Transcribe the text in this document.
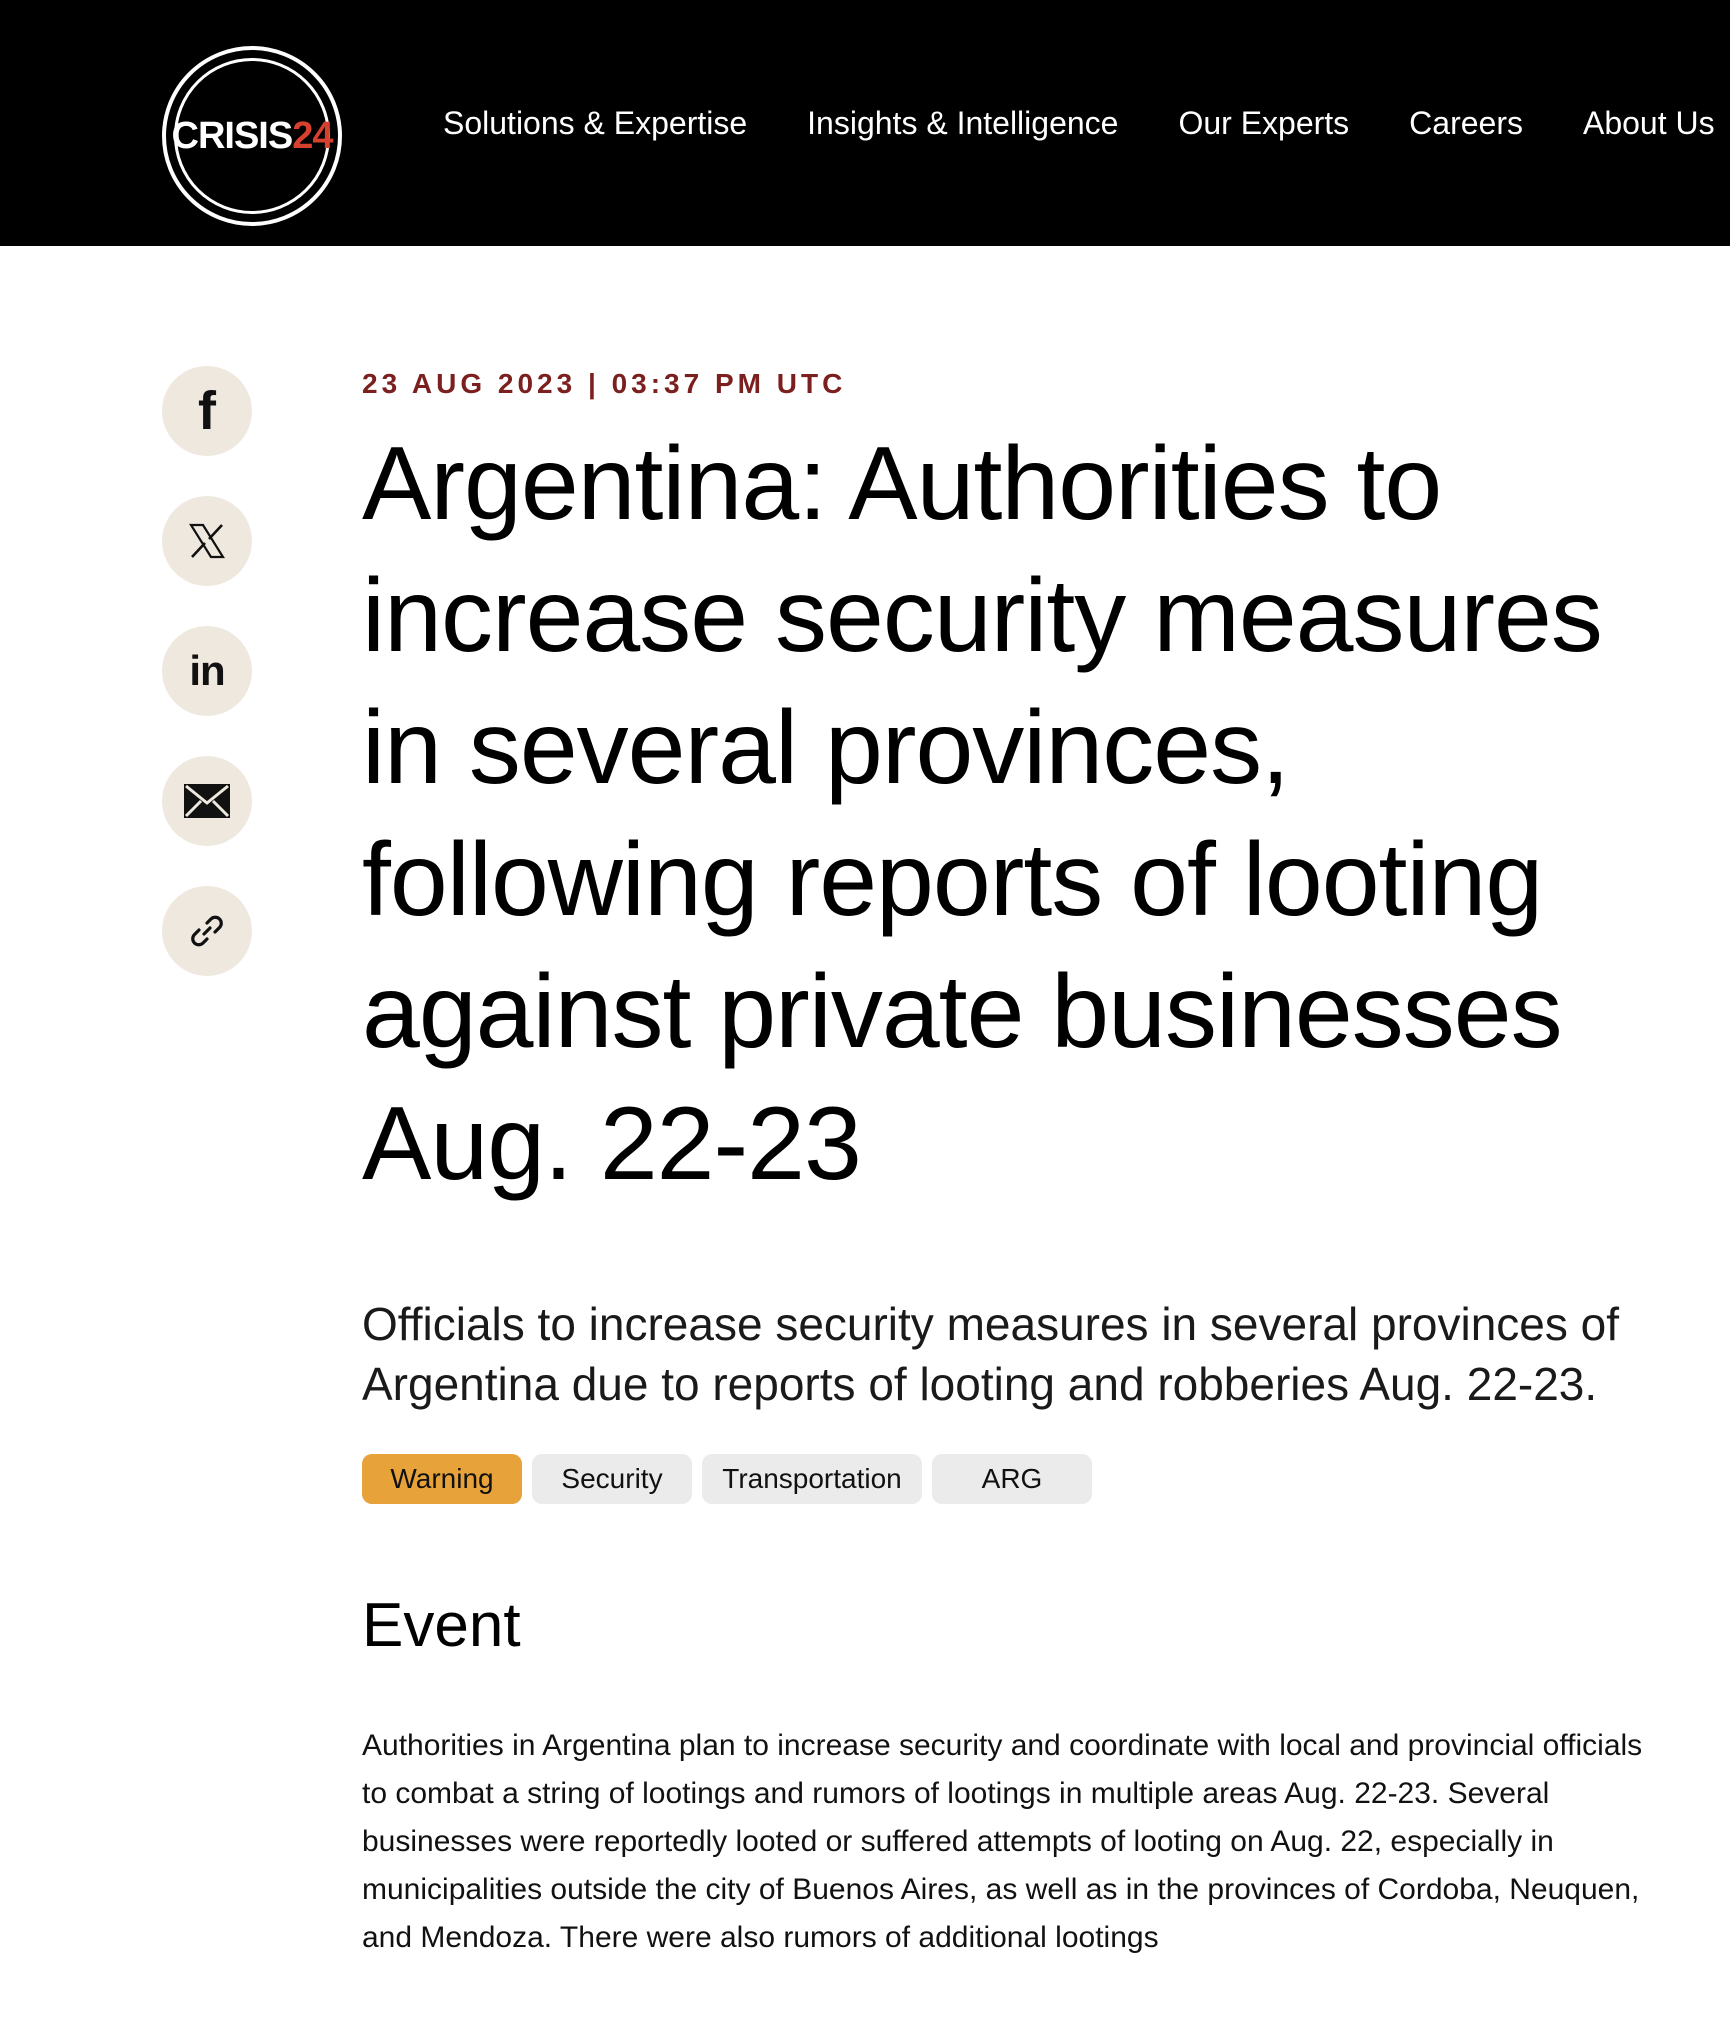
CRISIS24	Solutions & Expertise Insights & Intelligence Our Experts Careers About Us
f
in

23 AUG 2023 | 03:37 PM UTC

Argentina: Authorities to increase security measures in several provinces, following reports of looting against private businesses Aug. 22-23

Officials to increase security measures in several provinces of Argentina due to reports of looting and robberies Aug. 22-23.

Warning	Security	Transportation	ARG
Event

Authorities in Argentina plan to increase security and coordinate with local and provincial officials to combat a string of lootings and rumors of lootings in multiple areas Aug. 22-23. Several businesses were reportedly looted or suffered attempts of looting on Aug. 22, especially in municipalities outside the city of Buenos Aires, as well as in the provinces of Cordoba, Neuquen, and Mendoza. There were also rumors of additional lootings
